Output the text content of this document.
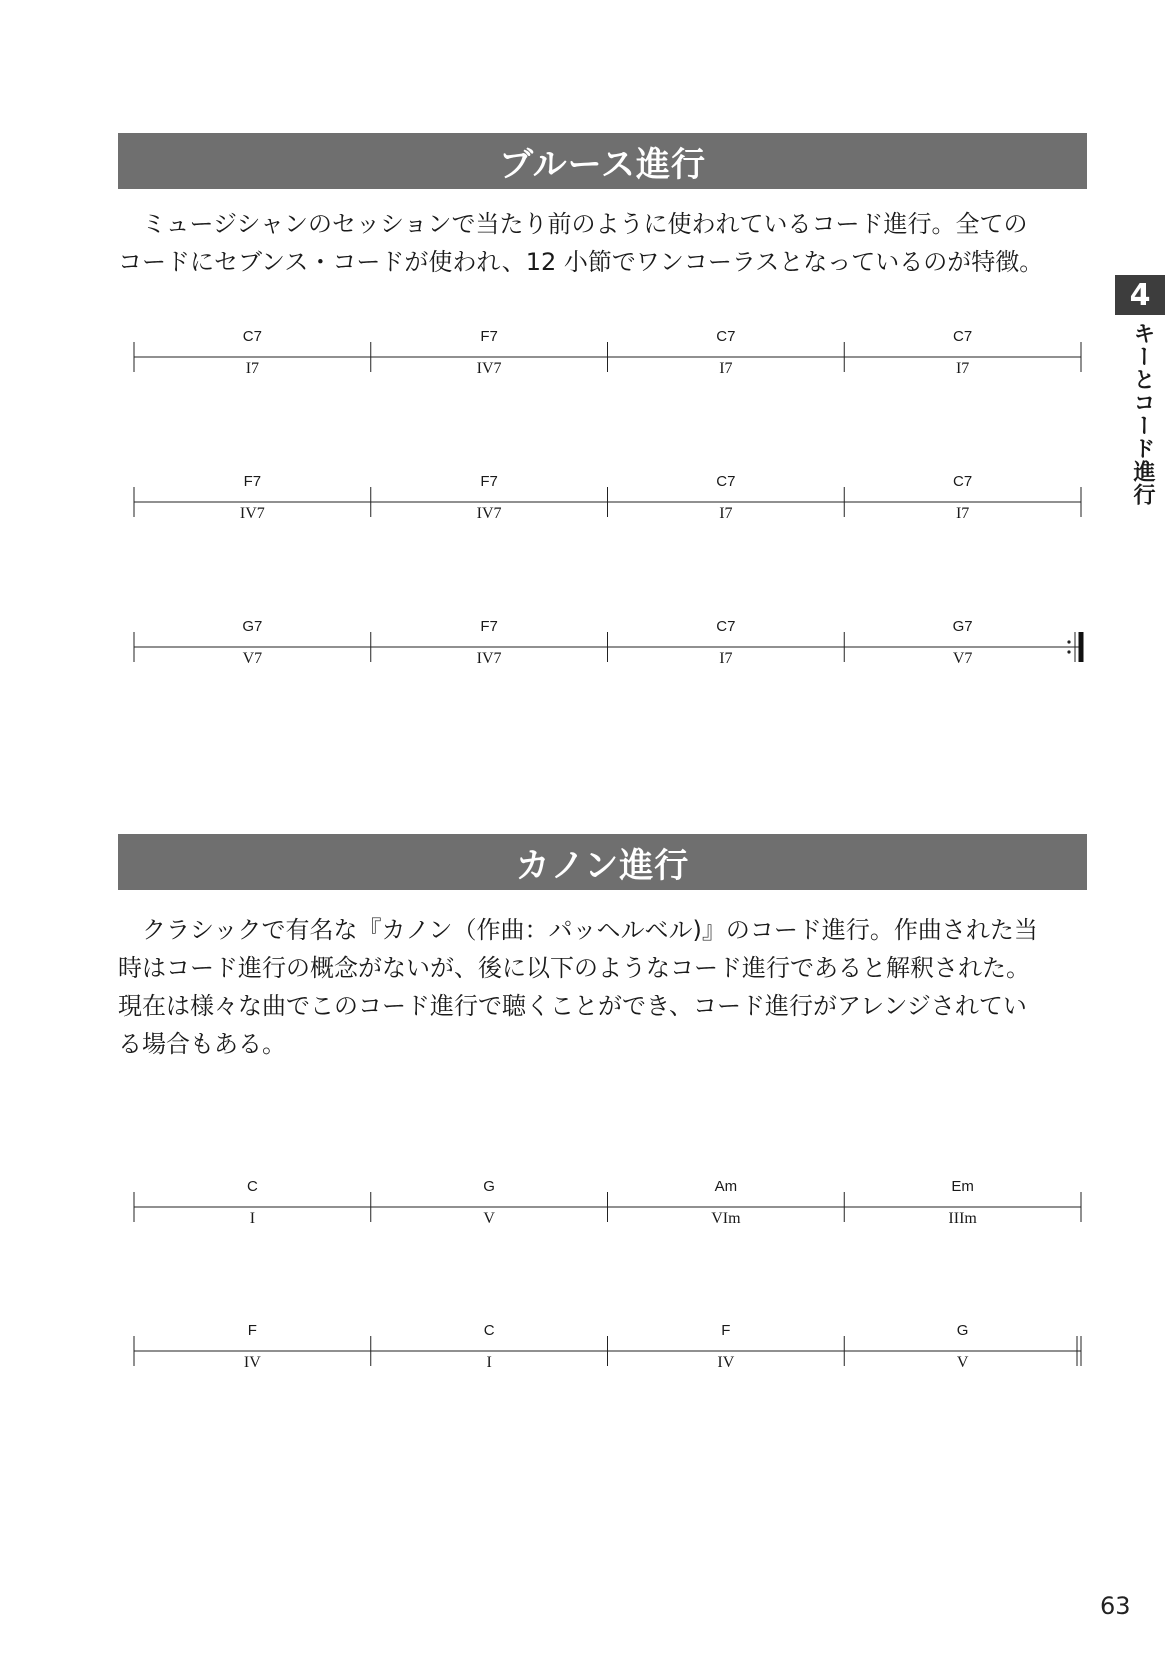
ブルース進行

　ミュージシャンのセッションで当たり前のように使われているコード進行。全ての

コードにセブンス・コードが使われ、12 小節でワンコーラスとなっているのが特徴。

C7
I7
F7
IV7
C7
I7
C7
I7
F7
IV7
F7
IV7
C7
I7
C7
I7
G7
V7
F7
IV7
C7
I7
G7
V7
カノン進行

　クラシックで有名な『カノン（作曲：パッヘルベル)』のコード進行。作曲された当

時はコード進行の概念がないが、後に以下のようなコード進行であると解釈された。

現在は様々な曲でこのコード進行で聴くことができ、コード進行がアレンジされてい

る場合もある。

C
I
G
V
Am
VIm
Em
IIIm
F
IV
C
I
F
IV
G
V
4
キーとコード進行
63
